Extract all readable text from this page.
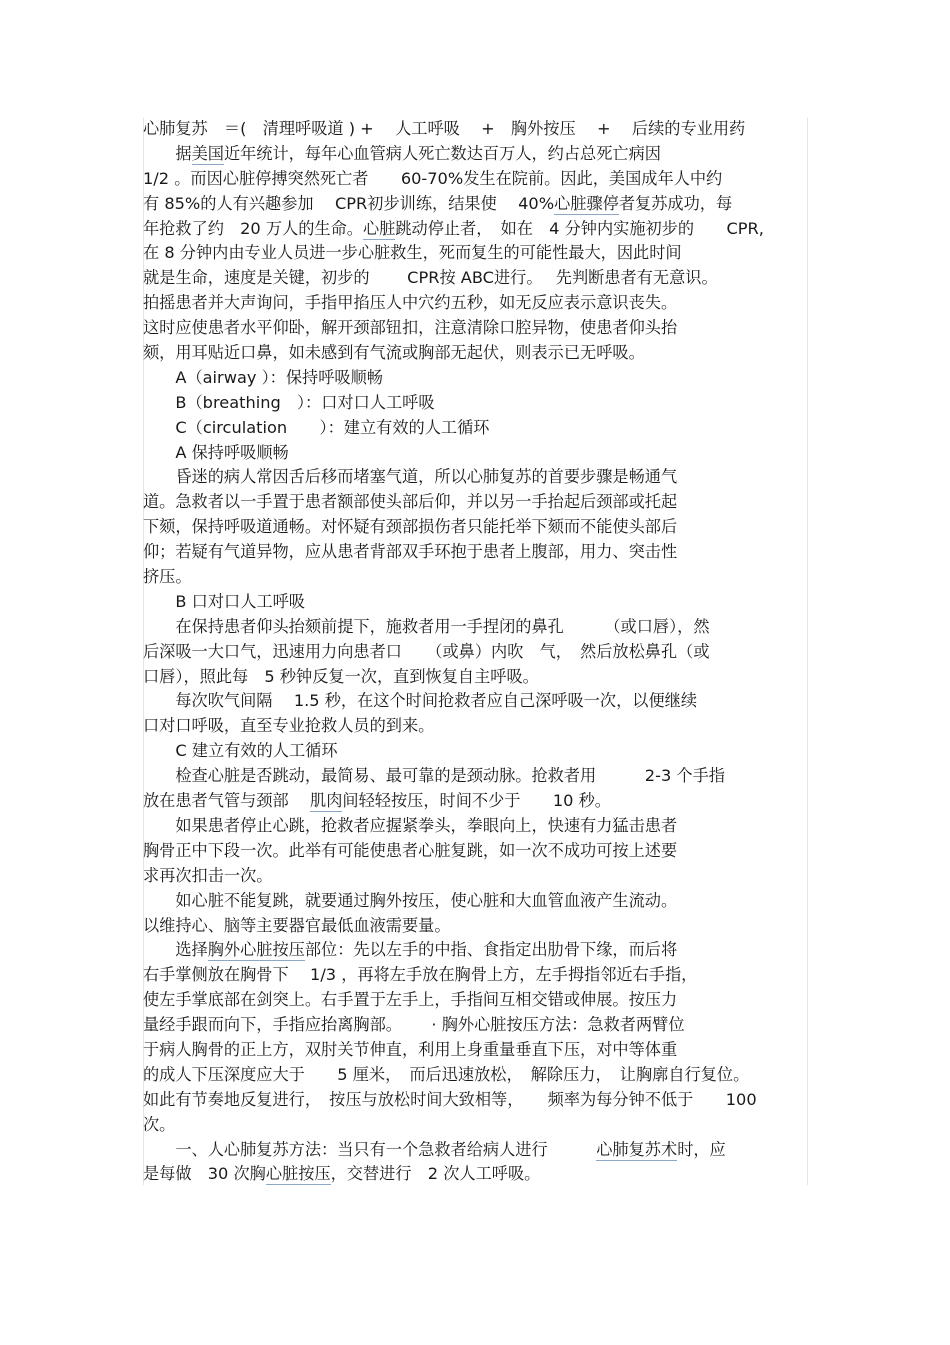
心肺复苏　＝(　清理呼吸道 ) +　 人工呼吸　 +　胸外按压　 +　 后续的专业用药
　　据美国近年统计，每年心血管病人死亡数达百万人，约占总死亡病因
1/2 。而因心脏停搏突然死亡者　　60-70%发生在院前。因此，美国成年人中约
有 85%的人有兴趣参加　 CPR初步训练，结果使　 40%心脏骤停者复苏成功，每
年抢救了约　20 万人的生命。心脏跳动停止者，　如在　4 分钟内实施初步的　　CPR,
在 8 分钟内由专业人员进一步心脏救生，死而复生的可能性最大，因此时间
就是生命，速度是关键，初步的　　 CPR按 ABC进行。　 先判断患者有无意识。
拍摇患者并大声询问，手指甲掐压人中穴约五秒，如无反应表示意识丧失。
这时应使患者水平仰卧，解开颈部钮扣，注意清除口腔异物，使患者仰头抬
颏，用耳贴近口鼻，如未感到有气流或胸部无起伏，则表示已无呼吸。
　　A（airway ）：保持呼吸顺畅
　　B（breathing　）：口对口人工呼吸
　　C（circulation　　）：建立有效的人工循环
　　A 保持呼吸顺畅
　　昏迷的病人常因舌后移而堵塞气道，所以心肺复苏的首要步骤是畅通气
道。急救者以一手置于患者额部使头部后仰，并以另一手抬起后颈部或托起
下颏，保持呼吸道通畅。对怀疑有颈部损伤者只能托举下颏而不能使头部后
仰；若疑有气道异物，应从患者背部双手环抱于患者上腹部，用力、突击性
挤压。
　　B 口对口人工呼吸
　　在保持患者仰头抬颏前提下，施救者用一手捏闭的鼻孔　　　（或口唇），然
后深吸一大口气，迅速用力向患者口　　（或鼻）内吹　气，　然后放松鼻孔（或
口唇），照此每　5 秒钟反复一次，直到恢复自主呼吸。
　　每次吹气间隔　 1.5 秒，在这个时间抢救者应自己深呼吸一次，以便继续
口对口呼吸，直至专业抢救人员的到来。
　　C 建立有效的人工循环
　　检查心脏是否跳动，最简易、最可靠的是颈动脉。抢救者用　　　2-3 个手指
放在患者气管与颈部　 肌肉间轻轻按压，时间不少于　　10 秒。
　　如果患者停止心跳，抢救者应握紧拳头，拳眼向上，快速有力猛击患者
胸骨正中下段一次。此举有可能使患者心脏复跳，如一次不成功可按上述要
求再次扣击一次。
　　如心脏不能复跳，就要通过胸外按压，使心脏和大血管血液产生流动。
以维持心、脑等主要器官最低血液需要量。
　　选择胸外心脏按压部位：先以左手的中指、食指定出肋骨下缘，而后将
右手掌侧放在胸骨下　 1/3 ，再将左手放在胸骨上方，左手拇指邻近右手指，
使左手掌底部在剑突上。右手置于左手上，手指间互相交错或伸展。按压力
量经手跟而向下，手指应抬离胸部。　　 · 胸外心脏按压方法：急救者两臂位
于病人胸骨的正上方，双肘关节伸直，利用上身重量垂直下压，对中等体重
的成人下压深度应大于　　5 厘米，　而后迅速放松，　解除压力，　让胸廓自行复位。
如此有节奏地反复进行，　按压与放松时间大致相等，　　频率为每分钟不低于　　100
次。
　　一、人心肺复苏方法：当只有一个急救者给病人进行　　　心肺复苏术时，应
是每做　30 次胸心脏按压，交替进行　2 次人工呼吸。
